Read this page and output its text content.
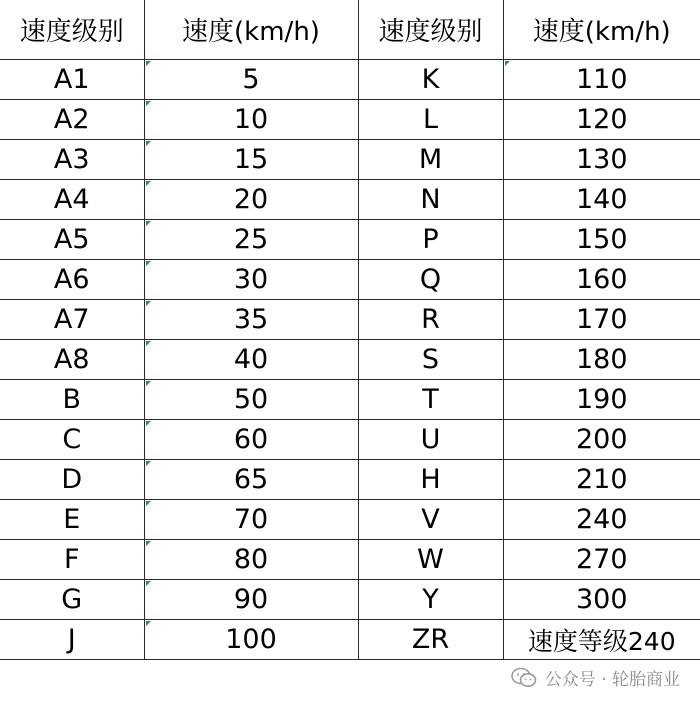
速度级别	速度(km/h)	速度级别	速度(km/h)
A1	5	K	110
A2	10	L	120
A3	15	M	130
A4	20	N	140
A5	25	P	150
A6	30	Q	160
A7	35	R	170
A8	40	S	180
B	50	T	190
C	60	U	200
D	65	H	210
E	70	V	240
F	80	W	270
G	90	Y	300
J	100	ZR	速度等级240
公众号 · 轮胎商业
